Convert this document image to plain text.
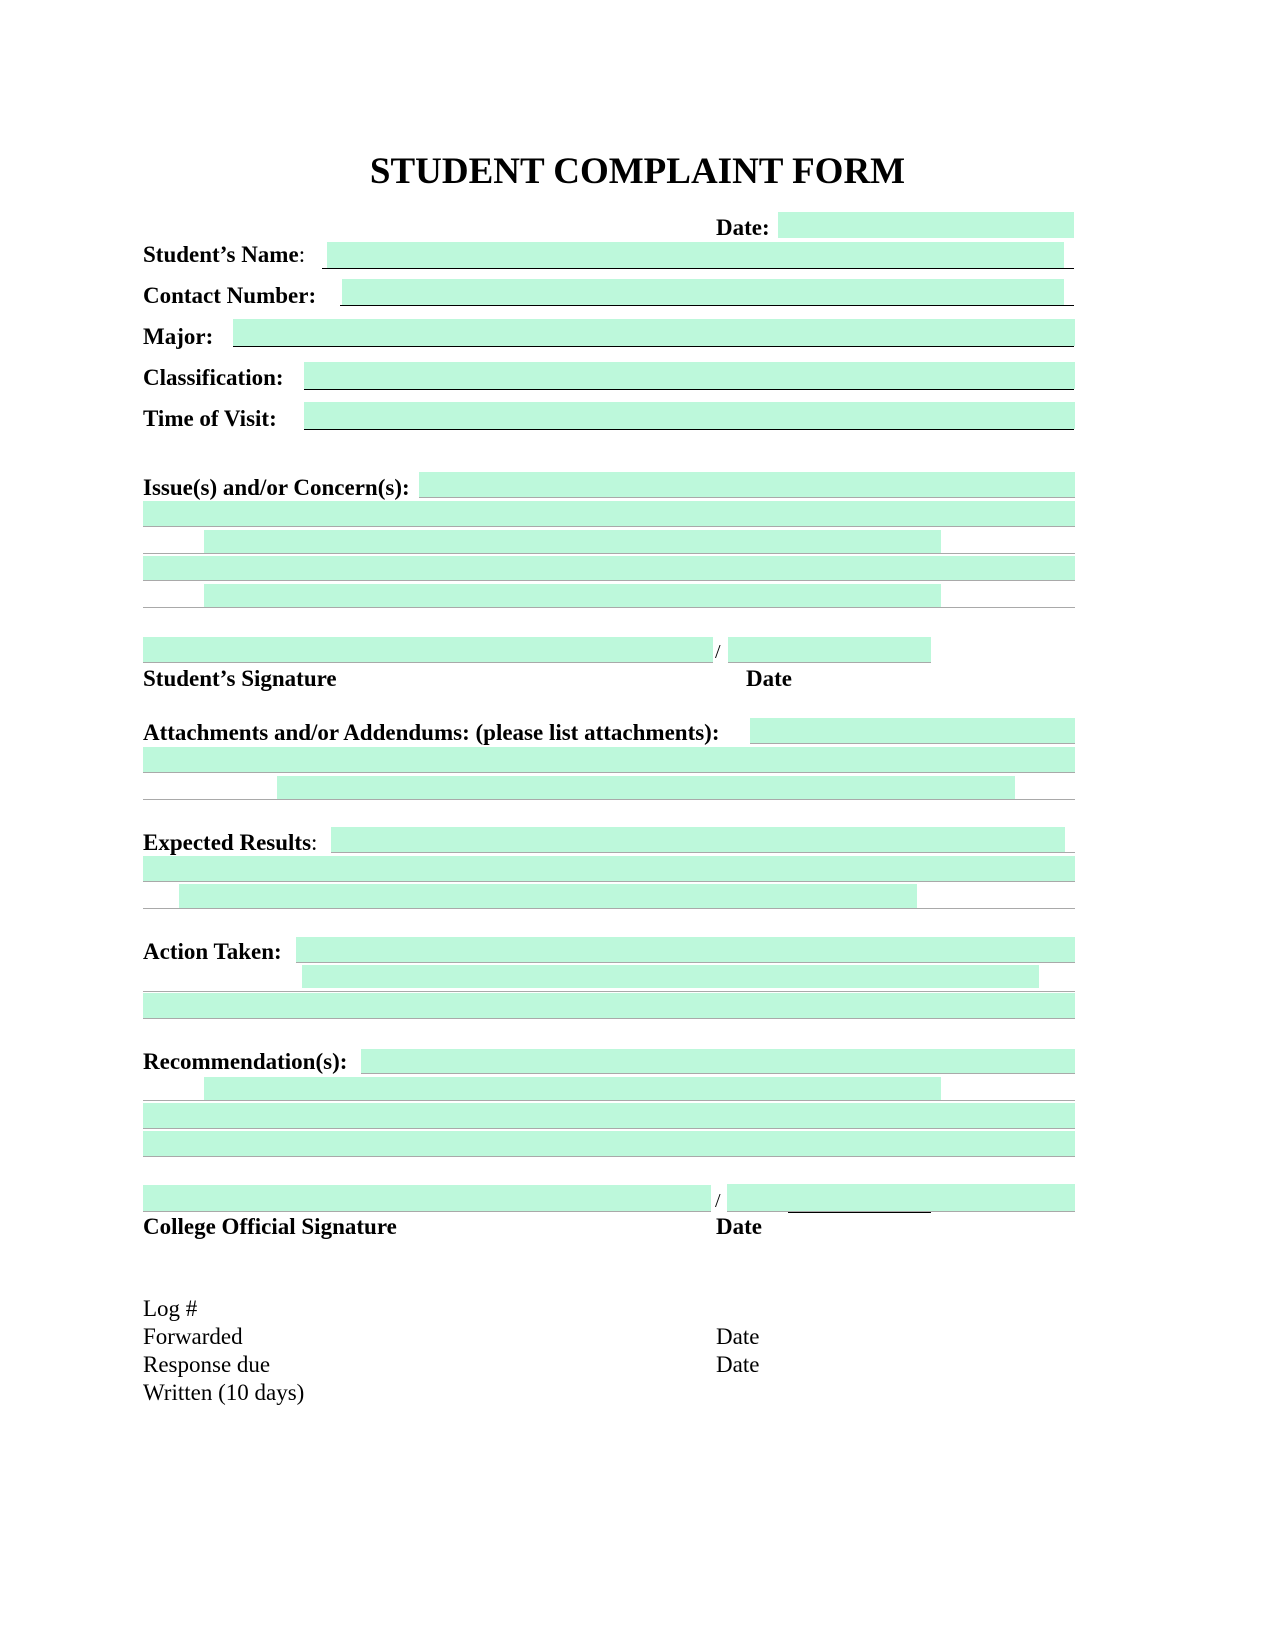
STUDENT COMPLAINT FORM
Date:
Student’s Name:
Contact Number:
Major:
Classification:
Time of Visit:
Issue(s) and/or Concern(s):
/
Student’s Signature	Date
Attachments and/or Addendums: (please list attachments):
Expected Results:
Action Taken:
Recommendation(s):
/
College Official Signature	Date
Log #
Forwarded	Date
Response due	Date
Written (10 days)
